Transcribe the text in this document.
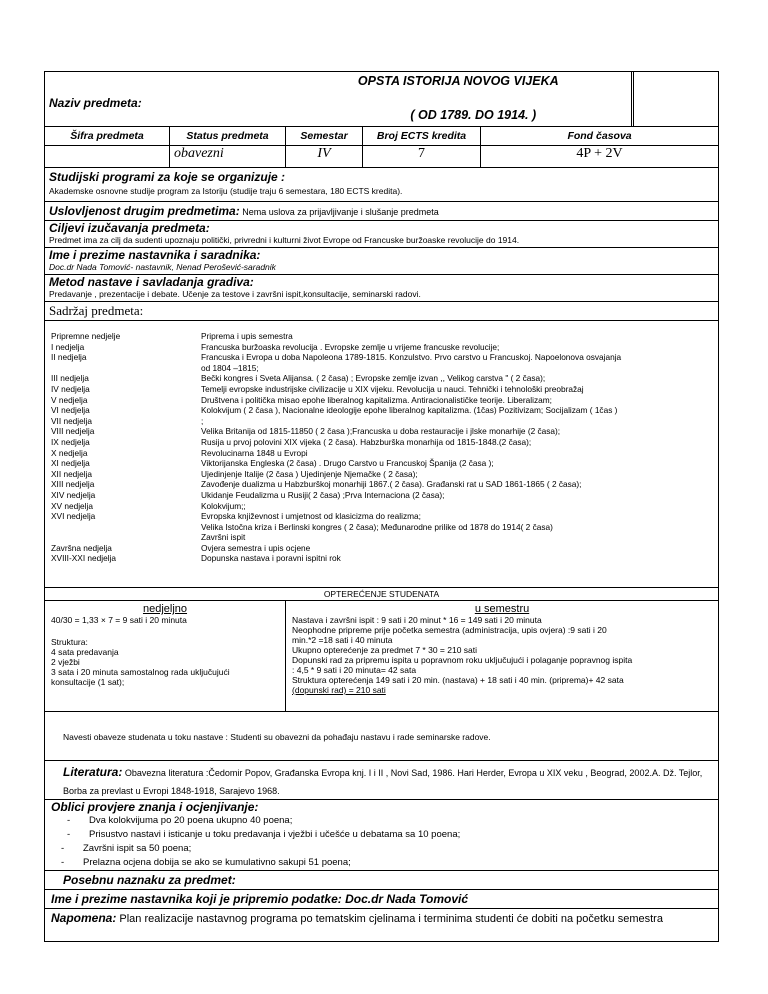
Naziv predmeta:	
OPSTA ISTORIJA NOVOG VIJEKA
( OD 1789. DO 1914. )

Šifra predmeta	Status predmeta	Semestar	Broj ECTS kredita	Fond časova
	obavezni	IV	7	4P + 2V

Studijski programi za koje se organizuje :
Akademske osnovne studije program za Istoriju (studije traju 6 semestara, 180 ECTS kredita).

Uslovljenost drugim predmetima: Nema uslova za prijavljivanje i slušanje predmeta

Ciljevi izučavanja predmeta:
Predmet ima za cilj da sudenti upoznaju politički, privredni i kulturni život Evrope od Francuske buržoaske revolucije do 1914.

Ime i prezime nastavnika i saradnika:
Doc.dr Nada Tomović- nastavnik, Nenad Perošević-saradnik

Metod nastave i savladanja gradiva:
Predavanje , prezentacije i debate. Učenje za testove i završni ispit,konsultacije, seminarski radovi.

Sadržaj predmeta:

Pripremne nedjelje	Priprema i upis semestra
I nedjelja	Francuska buržoaska revolucija . Evropske zemlje u vrijeme francuske revolucije;
II nedjelja	Francuska i Evropa u doba Napoleona 1789-1815. Konzulstvo. Prvo carstvo u Francuskoj. Napoelonova osvajanja
	od 1804 –1815;
III nedjelja	Bečki kongres i Sveta Alijansa. ( 2 časa) ; Evropske zemlje izvan ,, Velikog carstva " ( 2 časa);
IV nedjelja	Temelji evropske industrijske civilizacije u XIX vijeku. Revolucija u nauci. Tehnički i tehnološki preobražaj
V nedjelja	Društvena i politička misao epohe liberalnog kapitalizma. Antiracionalističke teorije. Liberalizam;
VI nedjelja	Kolokvijum ( 2 časa ), Nacionalne ideologije epohe liberalnog kapitalizma. (1čas) Pozitivizam; Socijalizam ( 1čas )
VII nedjelja	;
VIII nedjelja	Velika Britanija od 1815-11850 ( 2 časa );Francuska u doba restauracije i jlske monarhije (2 časa);
IX nedjelja	Rusija u prvoj polovini XIX vijeka ( 2 časa). Habzburška monarhija od 1815-1848.(2 časa);
X nedjelja	Revolucinarna 1848 u Evropi
XI nedjelja	Viktorijanska Engleska (2 časa) . Drugo Carstvo u Francuskoj Španija (2 časa );
XII nedjelja	Ujedinjenje Italije (2 časa ) Ujedinjenje Njemačke ( 2 časa);
XIII nedjelja	Zavođenje dualizma u Habzburškoj monarhiji 1867.( 2 časa). Građanski rat u SAD 1861-1865 ( 2 časa);
XIV nedjelja	Ukidanje Feudalizma u Rusiji( 2 časa) ;Prva Internaciona (2 časa);
XV nedjelja	Kolokvijum;;
XVI nedjelja	Evropska književnost i umjetnost od klasicizma do realizma;
	Velika Istočna kriza i Berlinski kongres ( 2 časa); Međunarodne prilike od 1878 do 1914( 2 časa)
	Završni ispit
Završna nedjelja	Ovjera semestra i upis ocjene
XVIII-XXI nedjelja	Dopunska nastava i poravni ispitni rok

OPTEREĆENJE STUDENATA

nedjeljno
40/30 = 1,33 × 7 = 9 sati i 20 minuta
Struktura:
4 sata predavanja
2 vježbi
3 sata i 20 minuta samostalnog rada uključujući
konsultacije (1 sat);

u semestru
Nastava i završni ispit : 9 sati i 20 minut * 16 = 149 sati i 20 minuta
Neophodne pripreme prije početka semestra (administracija, upis ovjera) :9 sati i 20
min.*2 =18 sati i 40 minuta
Ukupno opterećenje za predmet 7 * 30 = 210 sati
Dopunski rad za pripremu ispita u popravnom roku uključujući i polaganje popravnog ispita
: 4,5 * 9 sati i 20 minuta= 42 sata
Struktura opterećenja 149 sati i 20 min. (nastava) + 18 sati i 40 min. (priprema)+ 42 sata
(dopunski rad) = 210 sati

Navesti obaveze studenata u toku nastave : Studenti su obavezni da pohađaju nastavu i rade seminarske radove.
Literatura: Obavezna literatura :Čedomir Popov, Građanska Evropa knj. I i II , Novi Sad, 1986. Hari Herder, Evropa u XIX veku , Beograd, 2002.A. Dž. Tejlor, Borba za prevlast u Evropi 1848-1918, Sarajevo 1968.

Oblici provjere znanja i ocjenjivanje:
- Dva kolokvijuma po 20 poena ukupno 40 poena;
- Prisustvo nastavi i isticanje u toku predavanja i vježbi i učešće u debatama sa 10 poena;
- Završni ispit sa 50 poena;
- Prelazna ocjena dobija se ako se kumulativno sakupi 51 poena;

Posebnu naznaku za predmet:
Ime i prezime nastavnika koji je pripremio podatke: Doc.dr Nada Tomović
Napomena: Plan realizacije nastavnog programa po tematskim cjelinama i terminima studenti će dobiti na početku semestra
